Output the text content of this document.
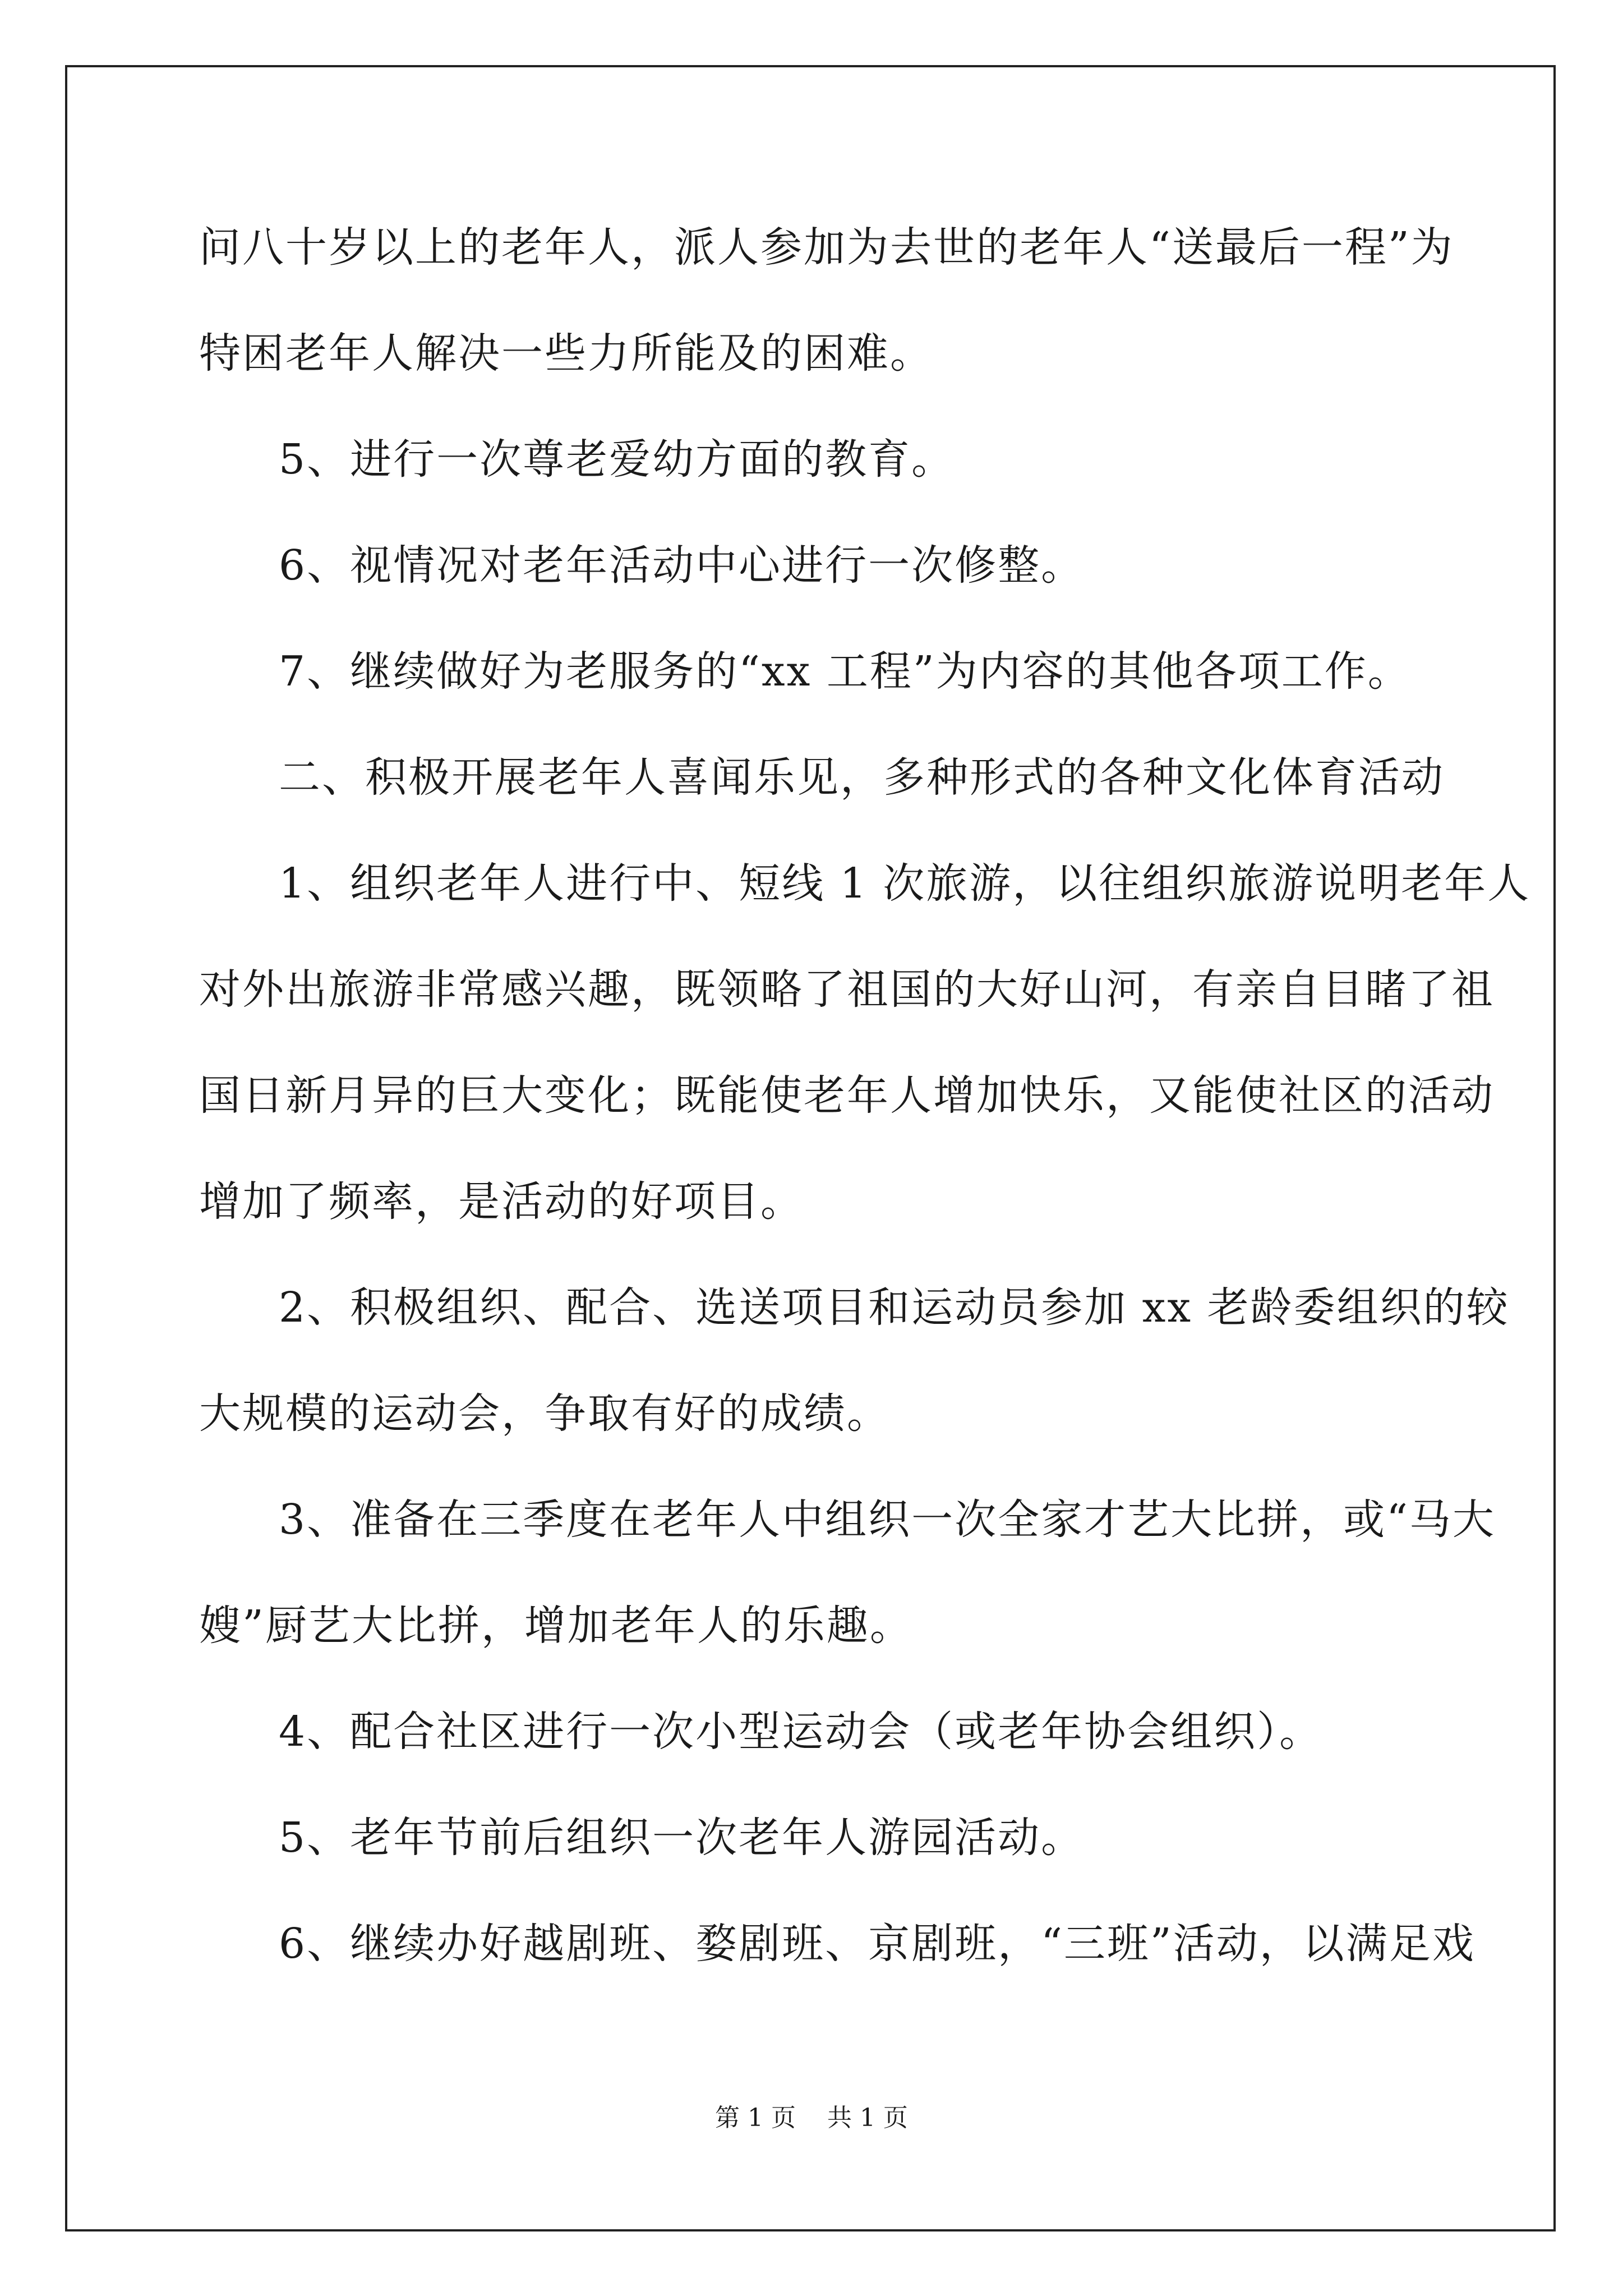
问八十岁以上的老年人，派人参加为去世的老年人“送最后一程”为
特困老年人解决一些力所能及的困难。
5、进行一次尊老爱幼方面的教育。
6、视情况对老年活动中心进行一次修整。
7、继续做好为老服务的“xx 工程”为内容的其他各项工作。
二、积极开展老年人喜闻乐见，多种形式的各种文化体育活动
1、组织老年人进行中、短线 1 次旅游，以往组织旅游说明老年人
对外出旅游非常感兴趣，既领略了祖国的大好山河，有亲自目睹了祖
国日新月异的巨大变化；既能使老年人增加快乐，又能使社区的活动
增加了频率，是活动的好项目。
2、积极组织、配合、选送项目和运动员参加 xx 老龄委组织的较
大规模的运动会，争取有好的成绩。
3、准备在三季度在老年人中组织一次全家才艺大比拼，或“马大
嫂”厨艺大比拼，增加老年人的乐趣。
4、配合社区进行一次小型运动会（或老年协会组织）。
5、老年节前后组织一次老年人游园活动。
6、继续办好越剧班、婺剧班、京剧班，“三班”活动，以满足戏
第 1 页    共 1 页
